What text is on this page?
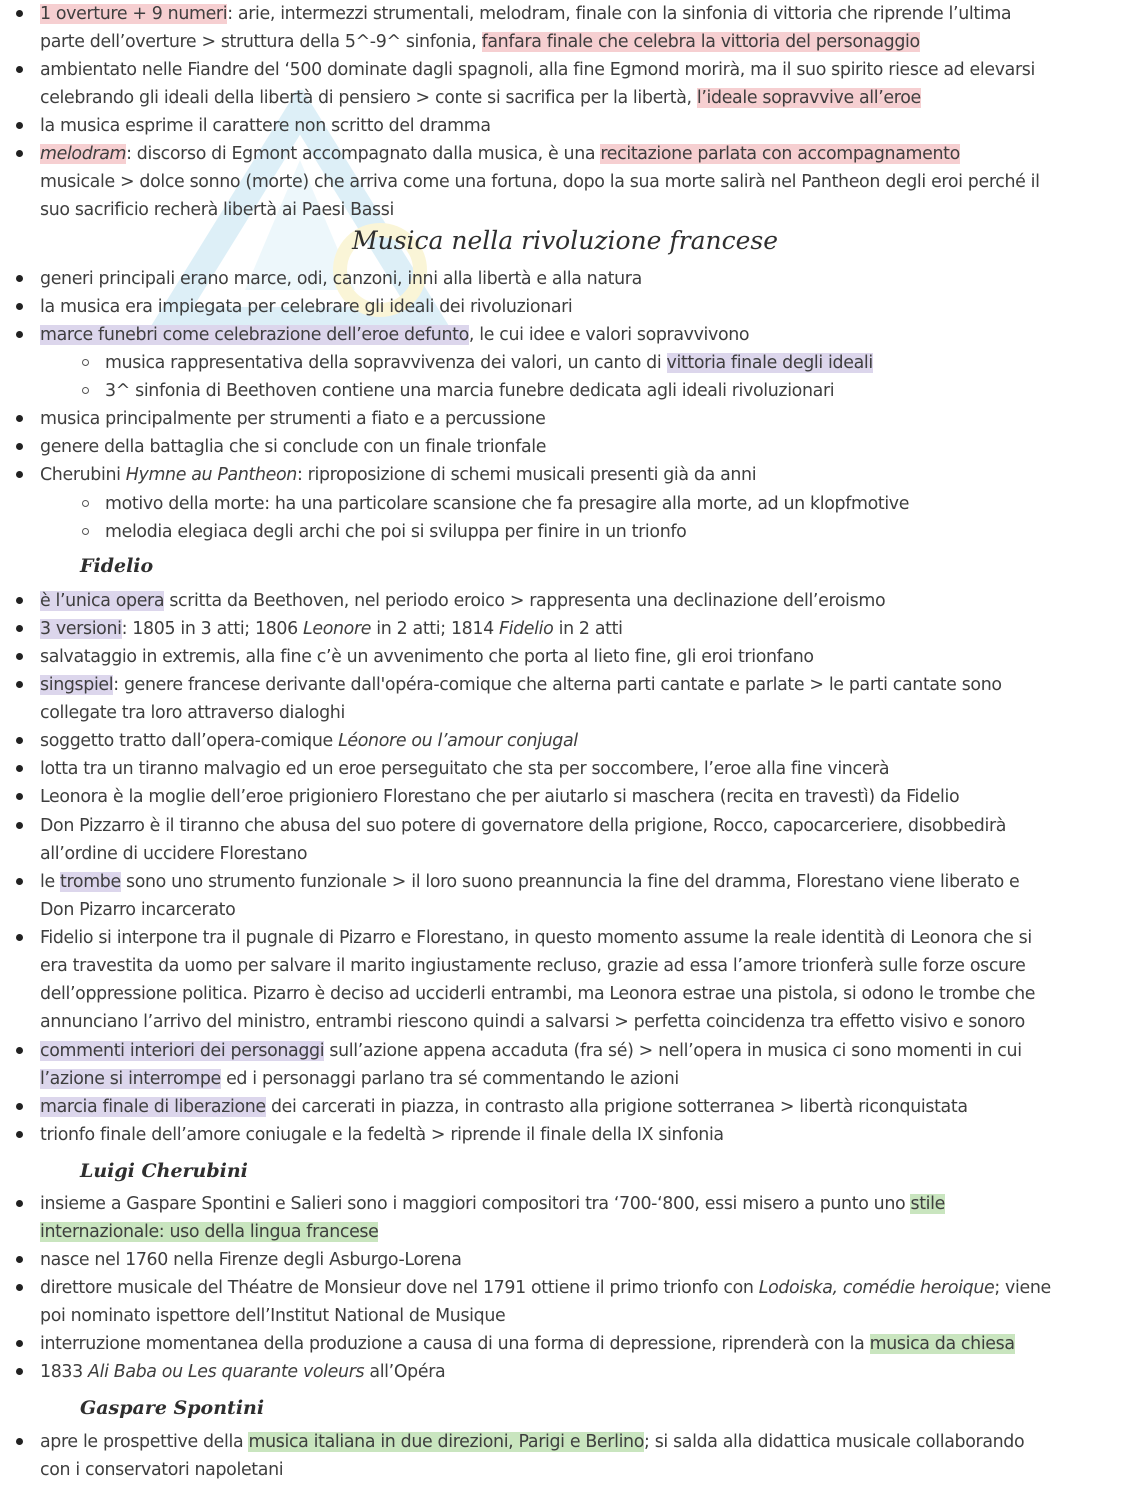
1 overture + 9 numeri: arie, intermezzi strumentali, melodram, finale con la sinfonia di vittoria che riprende l’ultima
parte dell’overture > struttura della 5^-9^ sinfonia, fanfara finale che celebra la vittoria del personaggio
ambientato nelle Fiandre del ‘500 dominate dagli spagnoli, alla fine Egmond morirà, ma il suo spirito riesce ad elevarsi
celebrando gli ideali della libertà di pensiero > conte si sacrifica per la libertà, l’ideale sopravvive all’eroe
la musica esprime il carattere non scritto del dramma
melodram: discorso di Egmont accompagnato dalla musica, è una recitazione parlata con accompagnamento
musicale > dolce sonno (morte) che arriva come una fortuna, dopo la sua morte salirà nel Pantheon degli eroi perché il
suo sacrificio recherà libertà ai Paesi Bassi
Musica nella rivoluzione francese
generi principali erano marce, odi, canzoni, inni alla libertà e alla natura
la musica era impiegata per celebrare gli ideali dei rivoluzionari
marce funebri come celebrazione dell’eroe defunto, le cui idee e valori sopravvivono
musica rappresentativa della sopravvivenza dei valori, un canto di vittoria finale degli ideali
3^ sinfonia di Beethoven contiene una marcia funebre dedicata agli ideali rivoluzionari
musica principalmente per strumenti a fiato e a percussione
genere della battaglia che si conclude con un finale trionfale
Cherubini Hymne au Pantheon: riproposizione di schemi musicali presenti già da anni
motivo della morte: ha una particolare scansione che fa presagire alla morte, ad un klopfmotive
melodia elegiaca degli archi che poi si sviluppa per finire in un trionfo
Fidelio
è l’unica opera scritta da Beethoven, nel periodo eroico > rappresenta una declinazione dell’eroismo
3 versioni: 1805 in 3 atti; 1806 Leonore in 2 atti; 1814 Fidelio in 2 atti
salvataggio in extremis, alla fine c’è un avvenimento che porta al lieto fine, gli eroi trionfano
singspiel: genere francese derivante dall'opéra-comique che alterna parti cantate e parlate > le parti cantate sono
collegate tra loro attraverso dialoghi
soggetto tratto dall’opera-comique Léonore ou l’amour conjugal
lotta tra un tiranno malvagio ed un eroe perseguitato che sta per soccombere, l’eroe alla fine vincerà
Leonora è la moglie dell’eroe prigioniero Florestano che per aiutarlo si maschera (recita en travestì) da Fidelio
Don Pizzarro è il tiranno che abusa del suo potere di governatore della prigione, Rocco, capocarceriere, disobbedirà
all’ordine di uccidere Florestano
le trombe sono uno strumento funzionale > il loro suono preannuncia la fine del dramma, Florestano viene liberato e
Don Pizarro incarcerato
Fidelio si interpone tra il pugnale di Pizarro e Florestano, in questo momento assume la reale identità di Leonora che si
era travestita da uomo per salvare il marito ingiustamente recluso, grazie ad essa l’amore trionferà sulle forze oscure
dell’oppressione politica. Pizarro è deciso ad ucciderli entrambi, ma Leonora estrae una pistola, si odono le trombe che
annunciano l’arrivo del ministro, entrambi riescono quindi a salvarsi > perfetta coincidenza tra effetto visivo e sonoro
commenti interiori dei personaggi sull’azione appena accaduta (fra sé) > nell’opera in musica ci sono momenti in cui
l’azione si interrompe ed i personaggi parlano tra sé commentando le azioni
marcia finale di liberazione dei carcerati in piazza, in contrasto alla prigione sotterranea > libertà riconquistata
trionfo finale dell’amore coniugale e la fedeltà > riprende il finale della IX sinfonia
Luigi Cherubini
insieme a Gaspare Spontini e Salieri sono i maggiori compositori tra ‘700-‘800, essi misero a punto uno stile
internazionale: uso della lingua francese
nasce nel 1760 nella Firenze degli Asburgo-Lorena
direttore musicale del Théatre de Monsieur dove nel 1791 ottiene il primo trionfo con Lodoiska, comédie heroique; viene
poi nominato ispettore dell’Institut National de Musique
interruzione momentanea della produzione a causa di una forma di depressione, riprenderà con la musica da chiesa
1833 Ali Baba ou Les quarante voleurs all’Opéra
Gaspare Spontini
apre le prospettive della musica italiana in due direzioni, Parigi e Berlino; si salda alla didattica musicale collaborando
con i conservatori napoletani
